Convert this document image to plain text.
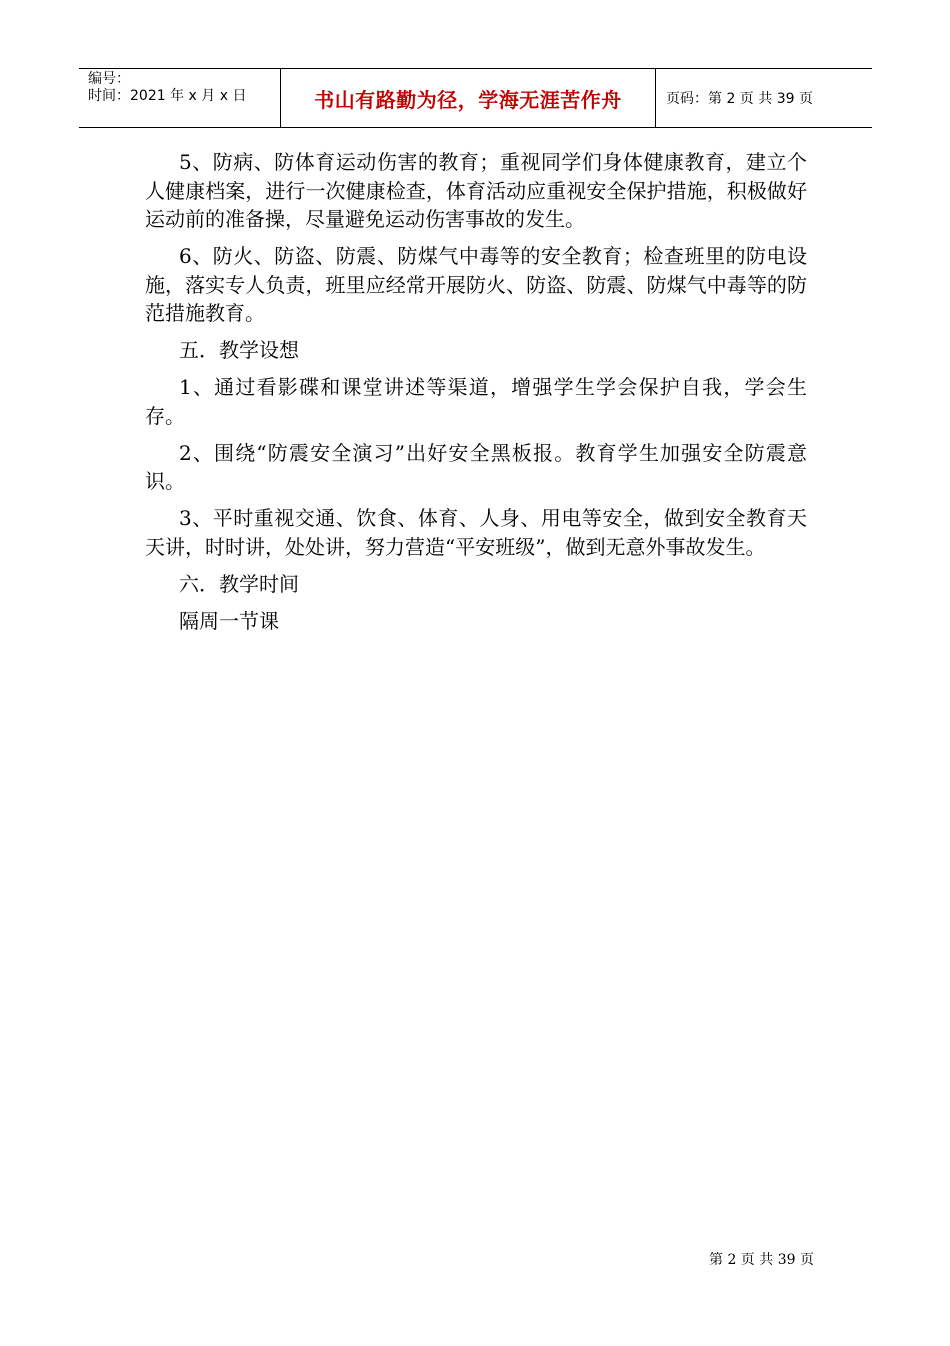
编号：
时间：2021 年 x 月 x 日	书山有路勤为径，学海无涯苦作舟	页码：第 2 页 共 39 页

5、防病、防体育运动伤害的教育；重视同学们身体健康教育，建立个人健康档案，进行一次健康检查，体育活动应重视安全保护措施，积极做好运动前的准备操，尽量避免运动伤害事故的发生。

6、防火、防盗、防震、防煤气中毒等的安全教育；检查班里的防电设施，落实专人负责，班里应经常开展防火、防盗、防震、防煤气中毒等的防范措施教育。

五．教学设想

1、通过看影碟和课堂讲述等渠道，增强学生学会保护自我，学会生存。

2、围绕“防震安全演习”出好安全黑板报。教育学生加强安全防震意识。

3、平时重视交通、饮食、体育、人身、用电等安全，做到安全教育天天讲，时时讲，处处讲，努力营造“平安班级”，做到无意外事故发生。

六．教学时间

隔周一节课

第 2 页 共 39 页
